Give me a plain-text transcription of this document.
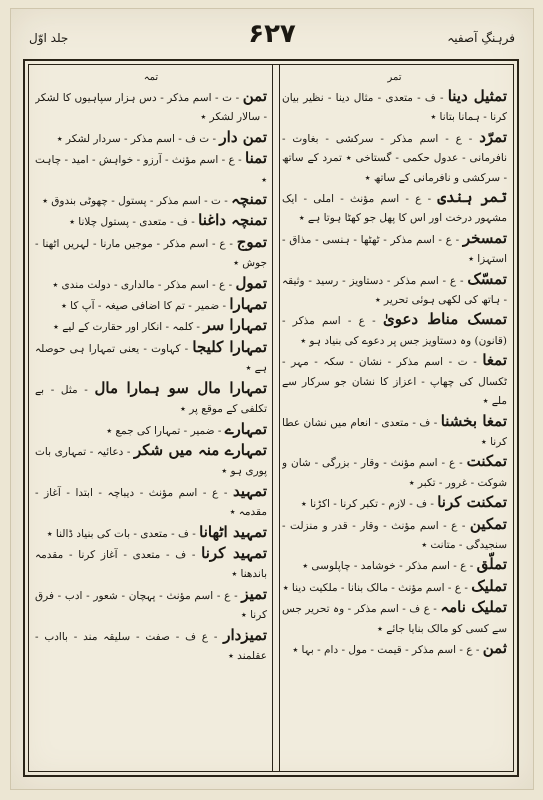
فرہنگِ آصفیہ
۶۲۷
جلد اوّل
تمر

تمثیل دینا - ف - متعدی - مثال دینا - نظیر بیان کرنا - ہمانا بتانا ٭

تمرّد - ع - اسم مذکر - سرکشی - بغاوت - نافرمانی - عدول حکمی - گستاخی ٭ تمرد کے ساتھ - سرکشی و نافرمانی کے ساتھ ٭

تمر ہندی - ع - اسم مؤنث - املی - ایک مشہور درخت اور اس کا پھل جو کھٹا ہوتا ہے ٭

تمسخر - ع - اسم مذکر - ٹھٹھا - ہنسی - مذاق - استہزا ٭

تمسّک - ع - اسم مذکر - دستاویز - رسید - وثیقہ - ہاتھ کی لکھی ہوئی تحریر ٭

تمسک مناط دعویٰ - ع - اسم مذکر - (قانون) وہ دستاویز جس پر دعوے کی بنیاد ہو ٭

تمغا - ت - اسم مذکر - نشان - سکہ - مہر - ٹکسال کی چھاپ - اعزاز کا نشان جو سرکار سے ملے ٭

تمغا بخشنا - ف - متعدی - انعام میں نشان عطا کرنا ٭

تمکنت - ع - اسم مؤنث - وقار - بزرگی - شان و شوکت - غرور - تکبر ٭

تمکنت کرنا - ف - لازم - تکبر کرنا - اکڑنا ٭

تمکین - ع - اسم مؤنث - وقار - قدر و منزلت - سنجیدگی - متانت ٭

تملّق - ع - اسم مذکر - خوشامد - چاپلوسی ٭

تملیک - ع - اسم مؤنث - مالک بنانا - ملکیت دینا ٭

تملیک نامہ - ع ف - اسم مذکر - وہ تحریر جس سے کسی کو مالک بنایا جائے ٭

ثمن - ع - اسم مذکر - قیمت - مول - دام - بہا ٭

تمہ

تمن - ت - اسم مذکر - دس ہزار سپاہیوں کا لشکر - سالار لشکر ٭

تمن دار - ت ف - اسم مذکر - سردار لشکر ٭

تمنا - ع - اسم مؤنث - آرزو - خواہش - امید - چاہت ٭

تمنچہ - ت - اسم مذکر - پستول - چھوٹی بندوق ٭

تمنچہ داغنا - ف - متعدی - پستول چلانا ٭

تموج - ع - اسم مذکر - موجیں مارنا - لہریں اٹھنا - جوش ٭

تمول - ع - اسم مذکر - مالداری - دولت مندی ٭

تمہارا - ضمیر - تم کا اضافی صیغہ - آپ کا ٭

تمہارا سر - کلمہ - انکار اور حقارت کے لیے ٭

تمہارا کلیجا - کہاوت - یعنی تمہارا ہی حوصلہ ہے ٭

تمہارا مال سو ہمارا مال - مثل - بے تکلفی کے موقع پر ٭

تمہارے - ضمیر - تمہارا کی جمع ٭

تمہارے منہ میں شکر - دعائیہ - تمہاری بات پوری ہو ٭

تمہید - ع - اسم مؤنث - دیباچہ - ابتدا - آغاز - مقدمہ ٭

تمہید اٹھانا - ف - متعدی - بات کی بنیاد ڈالنا ٭

تمہید کرنا - ف - متعدی - آغاز کرنا - مقدمہ باندھنا ٭

تمیز - ع - اسم مؤنث - پہچان - شعور - ادب - فرق کرنا ٭

تمیزدار - ع ف - صفت - سلیقہ مند - باادب - عقلمند ٭
